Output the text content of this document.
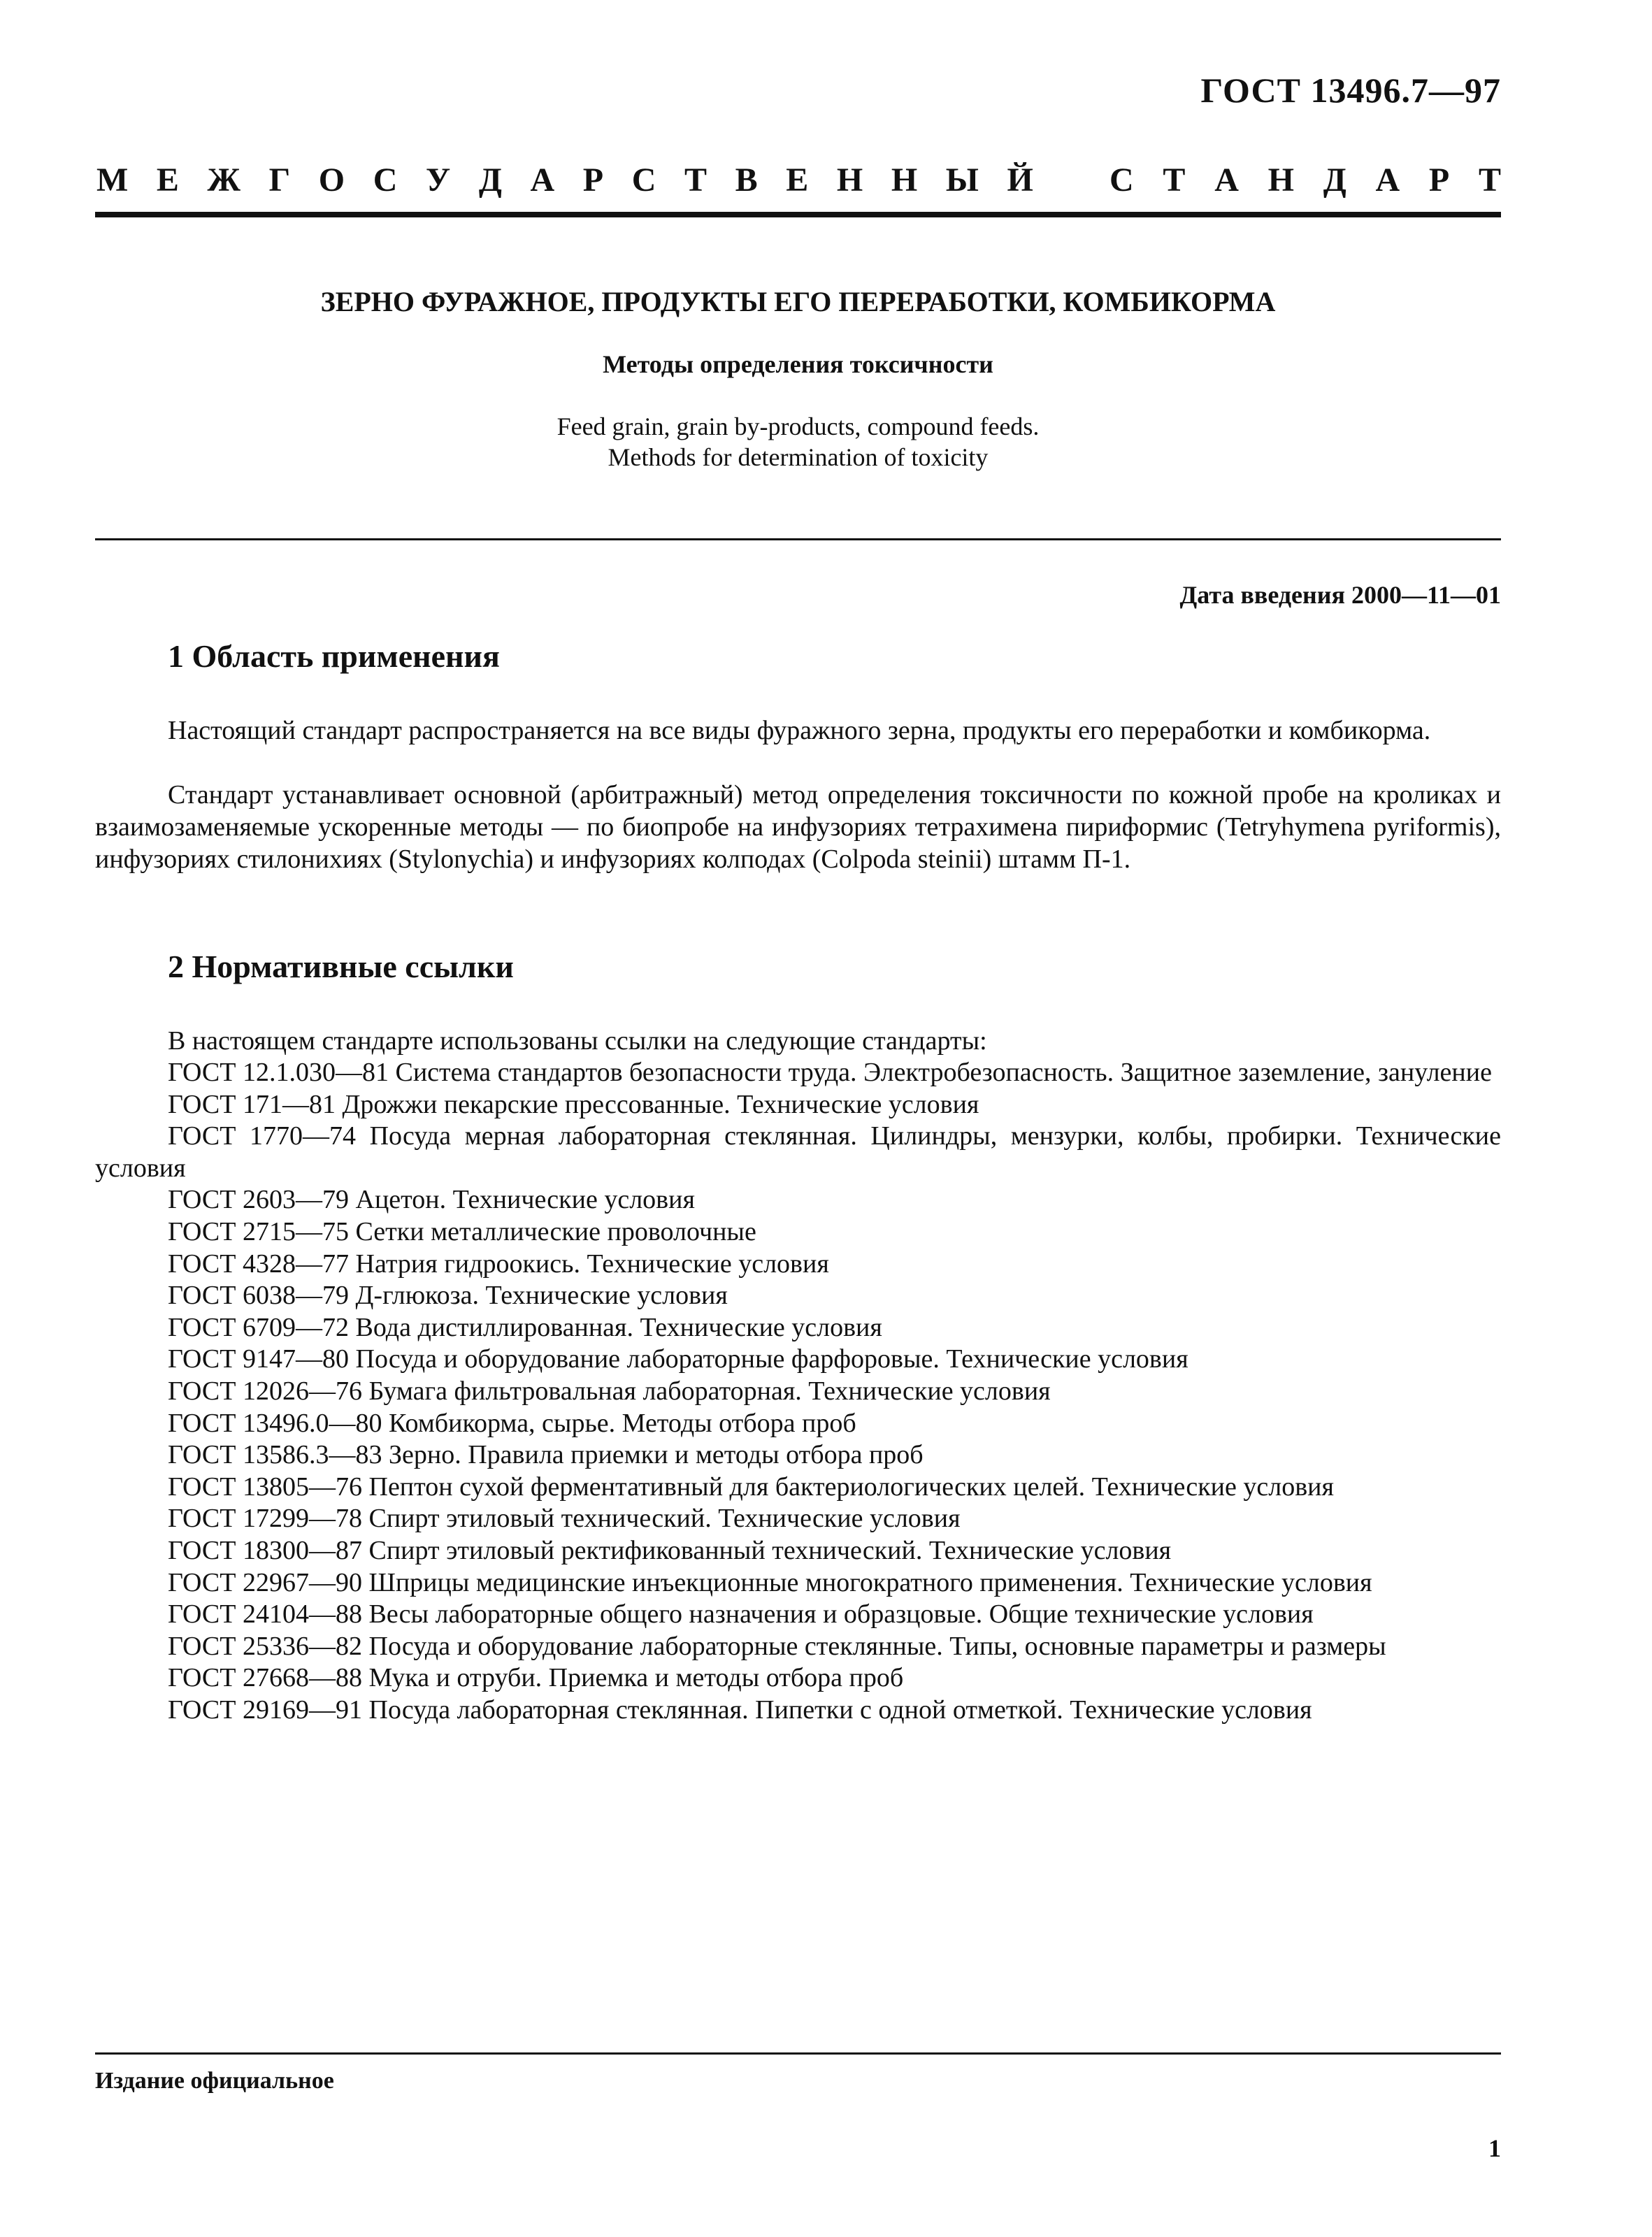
ГОСТ 13496.7—97
М Е Ж Г О С У Д А Р С Т В Е Н Н Ы Й С Т А Н Д А Р Т
ЗЕРНО ФУРАЖНОЕ, ПРОДУКТЫ ЕГО ПЕРЕРАБОТКИ, КОМБИКОРМА
Методы определения токсичности
Feed grain, grain by-products, compound feeds.
Methods for determination of toxicity
Дата введения 2000—11—01
1 Область применения
Настоящий стандарт распространяется на все виды фуражного зерна, продукты его переработки и комбикорма.
Стандарт устанавливает основной (арбитражный) метод определения токсичности по кожной пробе на кроликах и взаимозаменяемые ускоренные методы — по биопробе на инфузориях тетрахимена пириформис (Tetryhymena pyriformis), инфузориях стилонихиях (Stylonychia) и инфузориях колподах (Colpoda steinii) штамм П-1.
2 Нормативные ссылки
В настоящем стандарте использованы ссылки на следующие стандарты:
ГОСТ 12.1.030—81 Система стандартов безопасности труда. Электробезопасность. Защитное заземление, зануление
ГОСТ 171—81 Дрожжи пекарские прессованные. Технические условия
ГОСТ 1770—74 Посуда мерная лабораторная стеклянная. Цилиндры, мензурки, колбы, пробирки. Технические условия
ГОСТ 2603—79 Ацетон. Технические условия
ГОСТ 2715—75 Сетки металлические проволочные
ГОСТ 4328—77 Натрия гидроокись. Технические условия
ГОСТ 6038—79 Д-глюкоза. Технические условия
ГОСТ 6709—72 Вода дистиллированная. Технические условия
ГОСТ 9147—80 Посуда и оборудование лабораторные фарфоровые. Технические условия
ГОСТ 12026—76 Бумага фильтровальная лабораторная. Технические условия
ГОСТ 13496.0—80 Комбикорма, сырье. Методы отбора проб
ГОСТ 13586.3—83 Зерно. Правила приемки и методы отбора проб
ГОСТ 13805—76 Пептон сухой ферментативный для бактериологических целей. Технические условия
ГОСТ 17299—78 Спирт этиловый технический. Технические условия
ГОСТ 18300—87 Спирт этиловый ректификованный технический. Технические условия
ГОСТ 22967—90 Шприцы медицинские инъекционные многократного применения. Технические условия
ГОСТ 24104—88 Весы лабораторные общего назначения и образцовые. Общие технические условия
ГОСТ 25336—82 Посуда и оборудование лабораторные стеклянные. Типы, основные параметры и размеры
ГОСТ 27668—88 Мука и отруби. Приемка и методы отбора проб
ГОСТ 29169—91 Посуда лабораторная стеклянная. Пипетки с одной отметкой. Технические условия
Издание официальное
1
